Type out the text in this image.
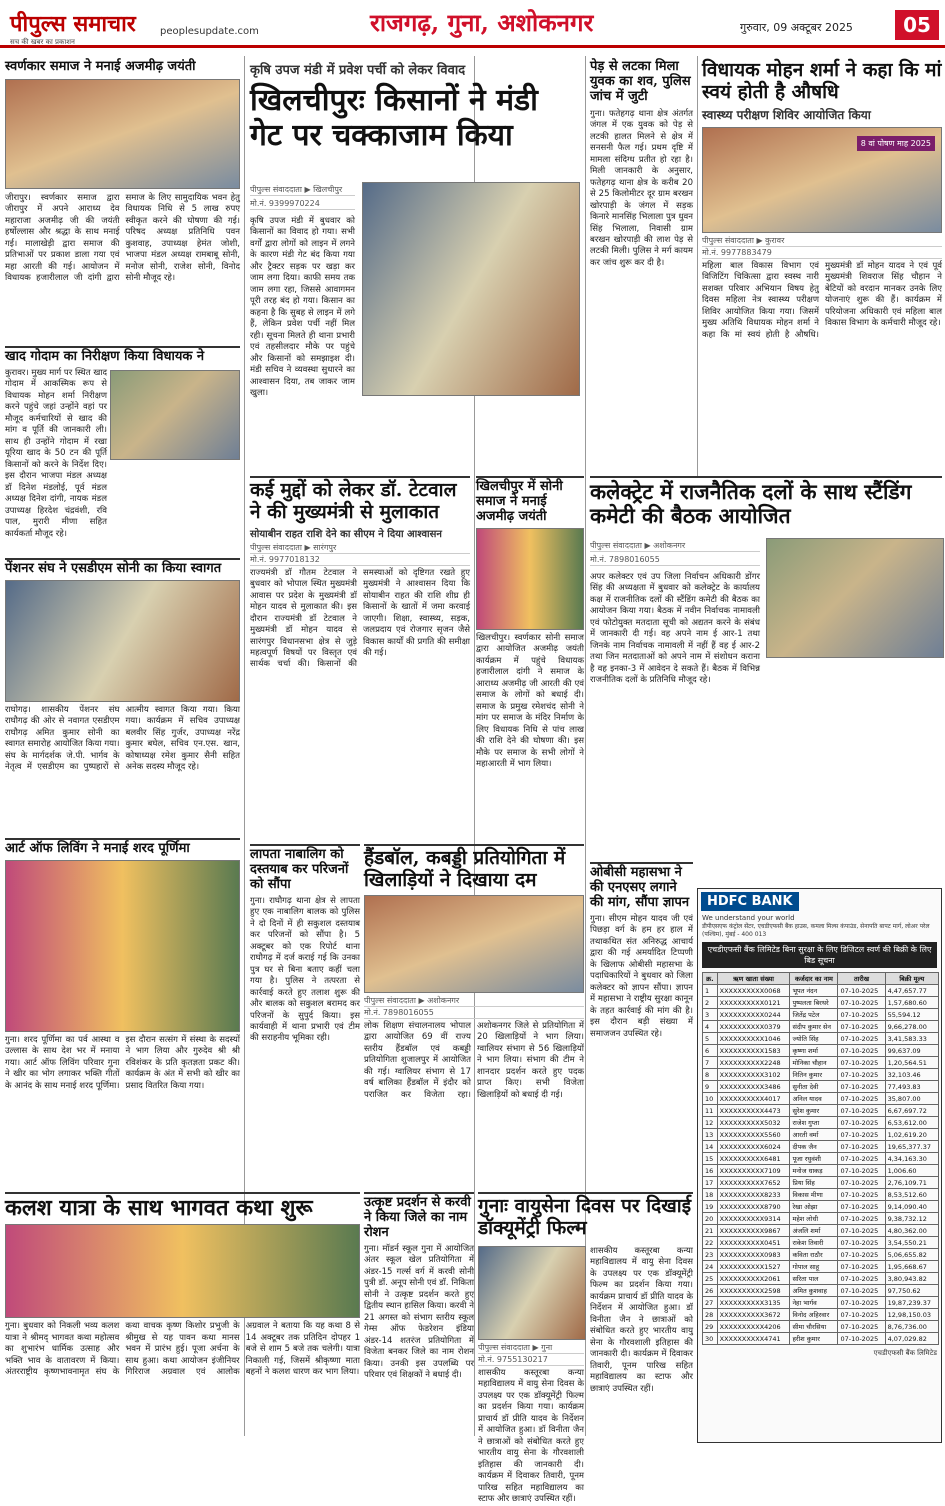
पीपुल्स समाचार
सच की खबर का प्रकाशन
peoplesupdate.com	राजगढ़, गुना, अशोकनगर	गुरुवार, 09 अक्टूबर 2025	05
स्वर्णकार समाज ने मनाई अजमीढ़ जयंती
जीरापुर। स्वर्णकार समाज द्वारा जीरापुर में अपने आराध्य देव महाराजा अजमीढ़ जी की जयंती हर्षोल्लास और श्रद्धा के साथ मनाई गई। मालाखेड़ी द्वारा समाज की प्रतिभाओं पर प्रकाश डाला गया एवं महा आरती की गई। आयोजन में विधायक हजारीलाल जी दांगी द्वारा समाज के लिए सामुदायिक भवन हेतु विधायक निधि से 5 लाख रुपए स्वीकृत करने की घोषणा की गई। परिषद अध्यक्ष प्रतिनिधि पवन कुशवाह, उपाध्यक्ष हेमंत जोशी, भाजपा मंडल अध्यक्ष रामबाबू सोनी, मनोज सोनी, राजेश सोनी, विनोद सोनी मौजूद रहे।
खाद गोदाम का निरीक्षण किया विधायक ने
कुरावर। मुख्य मार्ग पर स्थित खाद गोदाम में आकस्मिक रूप से विधायक मोहन शर्मा निरीक्षण करने पहुंचे जहां उन्होंने वहां पर मौजूद कर्मचारियों से खाद की मांग व पूर्ति की जानकारी ली। साथ ही उन्होंने गोदाम में रखा यूरिया खाद के 50 टन की पूर्ति किसानों को करने के निर्देश दिए। इस दौरान भाजपा मंडल अध्यक्ष डॉ दिनेश मंडलोई, पूर्व मंडल अध्यक्ष दिनेश दांगी, नायक मंडल उपाध्यक्ष हिरदेश चंद्रवंशी, रवि पाल, मुरारी मीणा सहित कार्यकर्ता मौजूद रहे।
पेंशनर संघ ने एसडीएम सोनी का किया स्वागत
राघोगढ़। शासकीय पेंशनर संघ राघौगढ़ की ओर से नवागत एसडीएम राघौगढ़ अमित कुमार सोनी का स्वागत समारोह आयोजित किया गया। संघ के मार्गदर्शक जे.पी. भार्गव के नेतृत्व में एसडीएम का पुष्पहारों से आत्मीय स्वागत किया गया। किया गया। कार्यक्रम में सचिव उपाध्यक्ष बलवीर सिंह गुर्जर, उपाध्यक्ष नरेंद्र कुमार बघेल, सचिव एन.एस. खान, कोषाध्यक्ष रमेश कुमार सैनी सहित अनेक सदस्य मौजूद रहे।
आर्ट ऑफ लिविंग ने मनाई शरद पूर्णिमा
गुना। शरद पूर्णिमा का पर्व आस्था व उल्लास के साथ देश भर में मनाया गया। आर्ट ऑफ लिविंग परिवार गुना ने खीर का भोग लगाकर भक्ति गीतों के आनंद के साथ मनाई शरद पूर्णिमा। इस दौरान सत्संग में संस्था के सदस्यों ने भाग लिया और गुरुदेव श्री श्री रविशंकर के प्रति कृतज्ञता प्रकट की। कार्यक्रम के अंत में सभी को खीर का प्रसाद वितरित किया गया।
कृषि उपज मंडी में प्रवेश पर्ची को लेकर विवाद
खिलचीपुरः किसानों ने मंडी गेट पर चक्काजाम किया
पीपुल्स संवाददाता ▶ खिलचीपुर
मो.नं. 9399970224
कृषि उपज मंडी में बुधवार को किसानों का विवाद हो गया। सभी वर्गों द्वारा लोगों को लाइन में लगने के कारण मंडी गेट बंद किया गया और ट्रैक्टर सड़क पर खड़ा कर जाम लगा दिया। काफी समय तक जाम लगा रहा, जिससे आवागमन पूरी तरह बंद हो गया। किसान का कहना है कि सुबह से लाइन में लगे हैं, लेकिन प्रवेश पर्ची नहीं मिल रही। सूचना मिलते ही थाना प्रभारी एवं तहसीलदार मौके पर पहुंचे और किसानों को समझाइश दी। मंडी सचिव ने व्यवस्था सुधारने का आश्वासन दिया, तब जाकर जाम खुला।
पेड़ से लटका मिला युवक का शव, पुलिस जांच में जुटी
गुना। फतेहगढ़ थाना क्षेत्र अंतर्गत जंगल में एक युवक को पेड़ से लटकी हालत मिलने से क्षेत्र में सनसनी फैल गई। प्रथम दृष्टि में मामला संदिग्ध प्रतीत हो रहा है। मिली जानकारी के अनुसार, फतेहगढ़ थाना क्षेत्र के करीब 20 से 25 किलोमीटर दूर ग्राम बरखन खोरपाड़ी के जंगल में सड़क किनारे मानसिंह भिलाला पुत्र धुवन सिंह भिलाला, निवासी ग्राम बरखन खोरपाड़ी की लाश पेड़ से लटकी मिली। पुलिस ने मर्ग कायम कर जांच शुरू कर दी है।
विधायक मोहन शर्मा ने कहा कि मां स्वयं होती है औषधि
स्वास्थ्य परीक्षण शिविर आयोजित किया
8 वां पोषण माह 2025
पीपुल्स संवाददाता ▶ कुरावर
मो.नं. 9977883479
महिला बाल विकास विभाग एवं विजिटिंग चिकित्सा द्वारा स्वस्थ नारी सशक्त परिवार अभियान विषय हेतु दिवस महिला नेत्र स्वास्थ्य परीक्षण शिविर आयोजित किया गया। जिसमें मुख्य अतिथि विधायक मोहन शर्मा ने कहा कि मां स्वयं होती है औषधि। मुख्यमंत्री डॉ मोहन यादव ने एवं पूर्व मुख्यमंत्री शिवराज सिंह चौहान ने बेटियों को वरदान मानकर उनके लिए योजनाएं शुरू की हैं। कार्यक्रम में परियोजना अधिकारी एवं महिला बाल विकास विभाग के कर्मचारी मौजूद रहे।
कई मुद्दों को लेकर डॉ. टेटवाल ने की मुख्यमंत्री से मुलाकात
सोयाबीन राहत राशि देने का सीएम ने दिया आश्वासन
पीपुल्स संवाददाता ▶ सारंगपुर
मो.नं. 9977018132
राज्यमंत्री डॉ गौतम टेटवाल ने बुधवार को भोपाल स्थित मुख्यमंत्री आवास पर प्रदेश के मुख्यमंत्री डॉ मोहन यादव से मुलाकात की। इस दौरान राज्यमंत्री डॉ टेटवाल ने मुख्यमंत्री डॉ मोहन यादव से सारंगपुर विधानसभा क्षेत्र से जुड़े महत्वपूर्ण विषयों पर विस्तृत एवं सार्थक चर्चा की। किसानों की समस्याओं को दृष्टिगत रखते हुए मुख्यमंत्री ने आश्वासन दिया कि सोयाबीन राहत की राशि शीघ्र ही किसानों के खातों में जमा करवाई जाएगी। शिक्षा, स्वास्थ्य, सड़क, जलप्रदाय एवं रोजगार सृजन जैसे विकास कार्यों की प्रगति की समीक्षा की गई।
खिलचीपुर में सोनी समाज ने मनाई अजमीढ़ जयंती
खिलचीपुर। स्वर्णकार सोनी समाज द्वारा आयोजित अजमीढ़ जयंती कार्यक्रम में पहुंचे विधायक हजारीलाल दांगी ने समाज के आराध्य अजमीढ़ जी आरती की एवं समाज के लोगों को बधाई दी। समाज के प्रमुख रमेशचंद सोनी ने मांग पर समाज के मंदिर निर्माण के लिए विधायक निधि से पांच लाख की राशि देने की घोषणा की। इस मौके पर समाज के सभी लोगों ने महाआरती में भाग लिया।
कलेक्ट्रेट में राजनैतिक दलों के साथ स्टैंडिंग कमेटी की बैठक आयोजित
पीपुल्स संवाददाता ▶ अशोकनगर
मो.नं. 7898016055
अपर कलेक्टर एवं उप जिला निर्वाचन अधिकारी डोंगर सिंह की अध्यक्षता में बुधवार को कलेक्ट्रेट के कार्यालय कक्ष में राजनीतिक दलों की स्टैंडिंग कमेटी की बैठक का आयोजन किया गया। बैठक में नवीन निर्वाचक नामावली एवं फोटोयुक्त मतदाता सूची को अद्यतन करने के संबंध में जानकारी दी गई। वह अपने नाम ई आर-1 तथा जिनके नाम निर्वाचक नामावली में नहीं हैं वह ई आर-2 तथा जिन मतदाताओं को अपने नाम में संशोधन कराना है वह इनका-3 में आवेदन दे सकते हैं। बैठक में विभिन्न राजनीतिक दलों के प्रतिनिधि मौजूद रहे।
लापता नाबालिग को दस्तयाब कर परिजनों को सौंपा
गुना। राघौगढ़ थाना क्षेत्र से लापता हुए एक नाबालिग बालक को पुलिस ने दो दिनों में ही सकुशल दस्तयाब कर परिजनों को सौंपा है। 5 अक्टूबर को एक रिपोर्ट थाना राघौगढ़ में दर्ज कराई गई कि उनका पुत्र घर से बिना बताए कहीं चला गया है। पुलिस ने तत्परता से कार्रवाई करते हुए तलाश शुरू की और बालक को सकुशल बरामद कर परिजनों के सुपुर्द किया। इस कार्यवाही में थाना प्रभारी एवं टीम की सराहनीय भूमिका रही।
हैंडबॉल, कबड्डी प्रतियोगिता में खिलाड़ियों ने दिखाया दम
पीपुल्स संवाददाता ▶ अशोकनगर
मो.नं. 7898016055
लोक शिक्षण संचालनालय भोपाल द्वारा आयोजित 69 वीं राज्य स्तरीय हैंडबॉल एवं कबड्डी प्रतियोगिता शुजालपुर में आयोजित की गई। ग्वालियर संभाग से 17 वर्ष बालिका हैंडबॉल में इंदौर को पराजित कर विजेता रहा। अशोकनगर जिले से प्रतियोगिता में 20 खिलाड़ियों ने भाग लिया। ग्वालियर संभाग से 56 खिलाड़ियों ने भाग लिया। संभाग की टीम ने शानदार प्रदर्शन करते हुए पदक प्राप्त किए। सभी विजेता खिलाड़ियों को बधाई दी गई।
ओबीसी महासभा ने की एनएसए लगाने की मांग, सौंपा ज्ञापन
गुना। सीएम मोहन यादव जी एवं पिछड़ा वर्ग के हम हर हाल में तथाकथित संत अनिरुद्ध आचार्य द्वारा की गई अमर्यादित टिप्पणी के खिलाफ ओबीसी महासभा के पदाधिकारियों ने बुधवार को जिला कलेक्टर को ज्ञापन सौंपा। ज्ञापन में महासभा ने राष्ट्रीय सुरक्षा कानून के तहत कार्रवाई की मांग की है। इस दौरान बड़ी संख्या में समाजजन उपस्थित रहे।
कलश यात्रा के साथ भागवत कथा शुरू
गुना। बुधवार को निकली भव्य कलश यात्रा ने श्रीमद् भागवत कथा महोत्सव का शुभारंभ धार्मिक उत्साह और भक्ति भाव के वातावरण में किया। अंतरराष्ट्रीय कृष्णभावनामृत संघ के कथा वाचक कृष्ण किशोर प्रभुजी के श्रीमुख से यह पावन कथा मानस भवन में प्रारंभ हुई। पूजा अर्चना के साथ हुआ। कथा आयोजन इंजीनियर गिरिराज अग्रवाल एवं आलोक अग्रवाल ने बताया कि यह कथा 8 से 14 अक्टूबर तक प्रतिदिन दोपहर 1 बजे से शाम 5 बजे तक चलेगी। यात्रा निकाली गई, जिसमें श्रीकृष्णा माता बहनों ने कलश धारण कर भाग लिया।
उत्कृष्ट प्रदर्शन से करवी ने किया जिले का नाम रोशन
गुना। मॉडर्न स्कूल गुना में आयोजित अंतर स्कूल खेल प्रतियोगिता में अंडर-15 गर्ल्स वर्ग में करवी सोनी पुत्री डॉ. अनूप सोनी एवं डॉ. निकिता सोनी ने उत्कृष्ट प्रदर्शन करते हुए द्वितीय स्थान हासिल किया। करवी ने 21 अगस्त को संभाग स्तरीय स्कूल गेम्स ऑफ फेडरेशन इंडिया अंडर-14 शतरंज प्रतियोगिता में विजेता बनकर जिले का नाम रोशन किया। उनकी इस उपलब्धि पर परिवार एवं शिक्षकों ने बधाई दी।
गुनाः वायुसेना दिवस पर दिखाई डॉक्यूमेंट्री फिल्म
पीपुल्स संवाददाता ▶ गुना
मो.नं. 9755130217
शासकीय कस्तूरबा कन्या महाविद्यालय में वायु सेना दिवस के उपलक्ष्य पर एक डॉक्यूमेंट्री फिल्म का प्रदर्शन किया गया। कार्यक्रम प्राचार्य डॉ प्रीति यादव के निर्देशन में आयोजित हुआ। डॉ विनीता जैन ने छात्राओं को संबोधित करते हुए भारतीय वायु सेना के गौरवशाली इतिहास की जानकारी दी। कार्यक्रम में दिवाकर तिवारी, पूनम पारिख सहित महाविद्यालय का स्टाफ और छात्राएं उपस्थित रहीं।
शासकीय कस्तूरबा कन्या महाविद्यालय में वायु सेना दिवस के उपलक्ष्य पर एक डॉक्यूमेंट्री फिल्म का प्रदर्शन किया गया। कार्यक्रम प्राचार्य डॉ प्रीति यादव के निर्देशन में आयोजित हुआ। डॉ विनीता जैन ने छात्राओं को संबोधित करते हुए भारतीय वायु सेना के गौरवशाली इतिहास की जानकारी दी। कार्यक्रम में दिवाकर तिवारी, पूनम पारिख सहित महाविद्यालय का स्टाफ और छात्राएं उपस्थित रहीं।
HDFC BANK
We understand your world
डीपीएसएफ कंट्रोल सेंटर, एचडीएफसी बैंक हाउस, कमला मिल्स कंपाउंड, सेनापति बापट मार्ग, लोअर परेल (पश्चिम), मुंबई - 400 013
एचडीएफसी बैंक लिमिटेड बिना सुरक्षा के लिए डिजिटल स्वर्ण की बिक्री के लिए बिड सूचना
क्र.	ऋण खाता संख्या	कर्जदार का नाम	तारीख	बिक्री मूल्य
1	XXXXXXXXXX0068	भूपत नंदन	07-10-2025	4,47,657.77
2	XXXXXXXXXX0121	पुष्पलता बिरथरे	07-10-2025	1,57,680.60
3	XXXXXXXXXX0244	जितेंद्र पटेल	07-10-2025	55,594.12
4	XXXXXXXXXX0379	संदीप कुमार सेन	07-10-2025	9,66,278.00
5	XXXXXXXXXX1046	ज्योति सिंह	07-10-2025	3,41,583.33
6	XXXXXXXXXX1583	कृष्णा शर्मा	07-10-2025	99,637.09
7	XXXXXXXXXX2248	मोनिका चौहान	07-10-2025	1,20,564.51
8	XXXXXXXXXX3102	नितिन कुमार	07-10-2025	32,103.46
9	XXXXXXXXXX3486	सुनीता देवी	07-10-2025	77,493.83
10	XXXXXXXXXX4017	अनिल यादव	07-10-2025	35,807.00
11	XXXXXXXXXX4473	सुरेश कुमार	07-10-2025	6,67,697.72
12	XXXXXXXXXX5032	राजेश गुप्ता	07-10-2025	6,53,612.00
13	XXXXXXXXXX5560	आरती वर्मा	07-10-2025	1,02,619.20
14	XXXXXXXXXX6024	दीपक जैन	07-10-2025	19,65,377.37
15	XXXXXXXXXX6481	पूजा रघुवंशी	07-10-2025	4,34,163.30
16	XXXXXXXXXX7109	मनोज धाकड़	07-10-2025	1,006.60
17	XXXXXXXXXX7652	प्रिया सिंह	07-10-2025	2,76,109.71
18	XXXXXXXXXX8233	विकास मीणा	07-10-2025	8,53,512.60
19	XXXXXXXXXX8790	रेखा ओझा	07-10-2025	9,14,090.40
20	XXXXXXXXXX9314	महेश लोधी	07-10-2025	9,38,732.12
21	XXXXXXXXXX9867	अंजलि शर्मा	07-10-2025	4,80,362.00
22	XXXXXXXXXX0451	राकेश तिवारी	07-10-2025	3,54,550.21
23	XXXXXXXXXX0983	कविता राठौर	07-10-2025	5,06,655.82
24	XXXXXXXXXX1527	गोपाल साहू	07-10-2025	1,95,668.67
25	XXXXXXXXXX2061	सरिता पाल	07-10-2025	3,80,943.82
26	XXXXXXXXXX2598	अमित कुशवाह	07-10-2025	97,750.62
27	XXXXXXXXXX3135	नेहा भार्गव	07-10-2025	19,87,239.37
28	XXXXXXXXXX3672	विनोद अहिरवार	07-10-2025	12,98,150.03
29	XXXXXXXXXX4206	सीमा चौरसिया	07-10-2025	8,76,736.00
30	XXXXXXXXXX4741	हरीश कुमार	07-10-2025	4,07,029.82
एचडीएफसी बैंक लिमिटेड
